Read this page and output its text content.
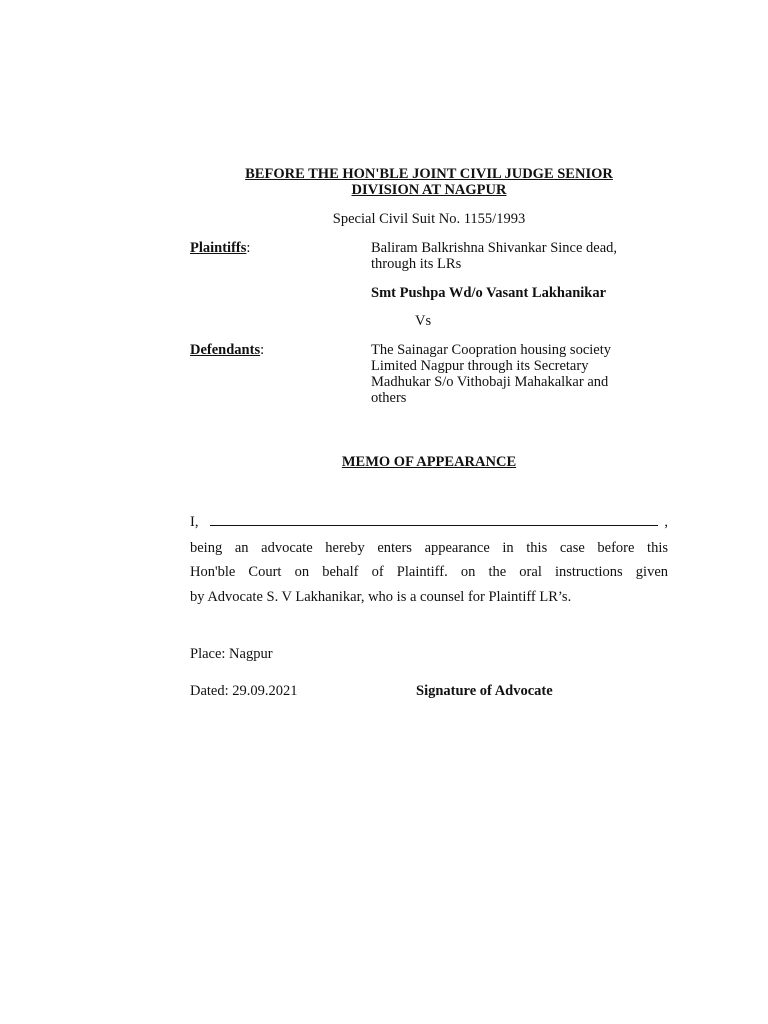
BEFORE THE HON'BLE JOINT CIVIL JUDGE SENIOR
DIVISION AT NAGPUR
Special Civil Suit No. 1155/1993
Plaintiffs:	Baliram Balkrishna Shivankar Since dead,
through its LRs
Smt Pushpa Wd/o Vasant Lakhanikar
Vs
Defendants:	The Sainagar Coopration housing society
Limited Nagpur through its Secretary
Madhukar S/o Vithobaji Mahakalkar and
others
MEMO OF APPEARANCE
I,	,
being an advocate hereby enters appearance in this case before this
Hon'ble Court on behalf of Plaintiff. on the oral instructions given
by Advocate S. V Lakhanikar, who is a counsel for Plaintiff LR’s.
Place: Nagpur
Dated: 29.09.2021	Signature of Advocate
